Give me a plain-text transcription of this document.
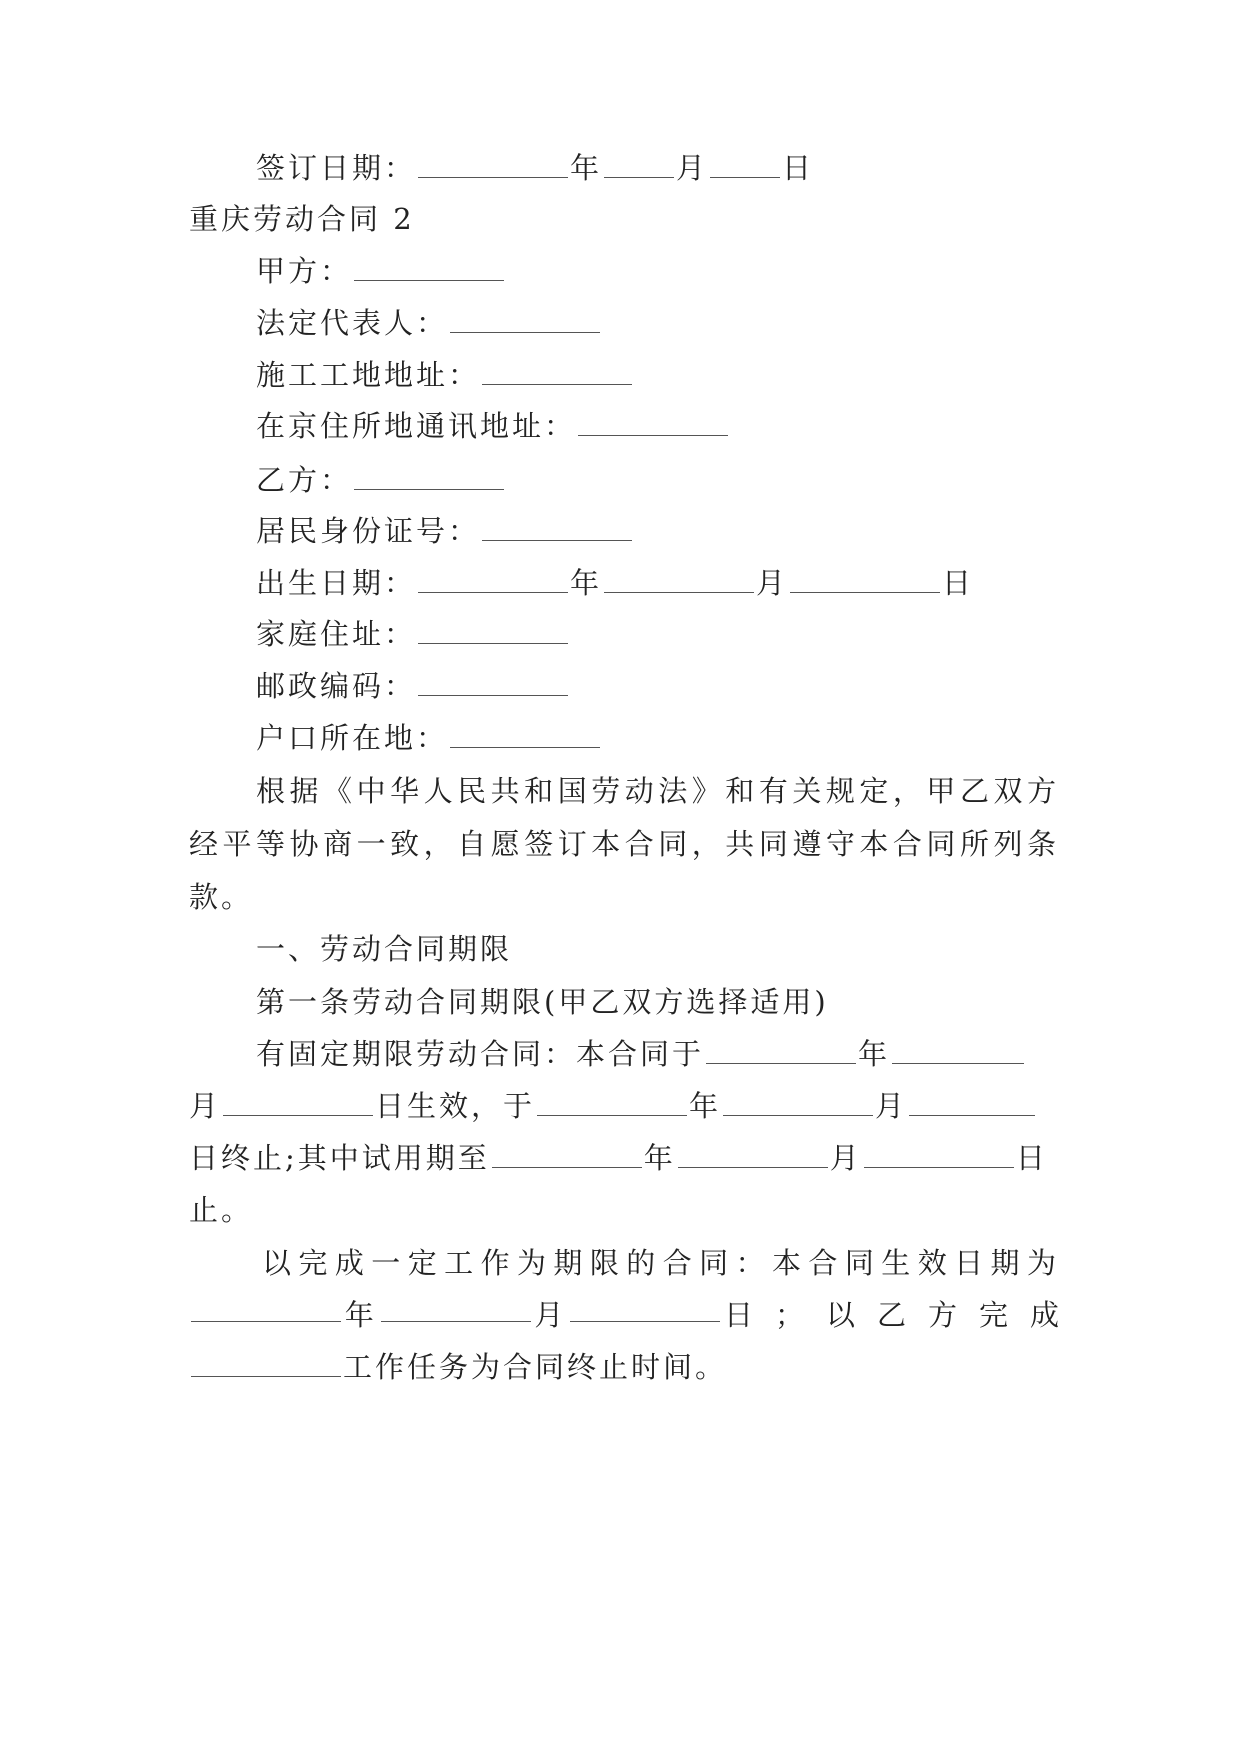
签订日期：	年	月	日
重庆劳动合同 2
甲方：
法定代表人：
施工工地地址：
在京住所地通讯地址：
乙方：
居民身份证号：
出生日期：	年	月	日
家庭住址：
邮政编码：
户口所在地：
根据《中华人民共和国劳动法》和有关规定，甲乙双方
经平等协商一致，自愿签订本合同，共同遵守本合同所列条
款。
一、劳动合同期限
第一条劳动合同期限(甲乙双方选择适用)
有固定期限劳动合同：本合同于	年
月	日生效，于	年	月
日终止;其中试用期至	年	月	日
止。
以完成一定工作为期限的合同：本合同生效日期为
年	月	日；以乙方完成
工作任务为合同终止时间。
